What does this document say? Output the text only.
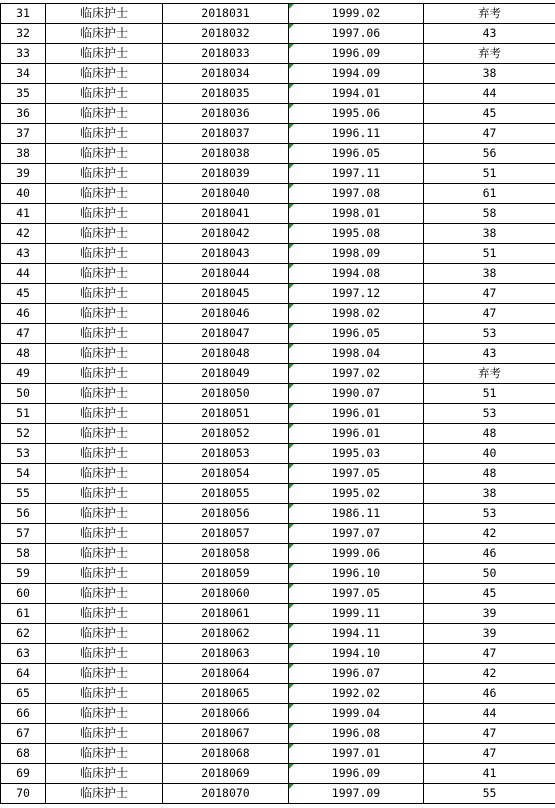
31	临床护士	2018031	1999.02	弃考
32	临床护士	2018032	1997.06	43
33	临床护士	2018033	1996.09	弃考
34	临床护士	2018034	1994.09	38
35	临床护士	2018035	1994.01	44
36	临床护士	2018036	1995.06	45
37	临床护士	2018037	1996.11	47
38	临床护士	2018038	1996.05	56
39	临床护士	2018039	1997.11	51
40	临床护士	2018040	1997.08	61
41	临床护士	2018041	1998.01	58
42	临床护士	2018042	1995.08	38
43	临床护士	2018043	1998.09	51
44	临床护士	2018044	1994.08	38
45	临床护士	2018045	1997.12	47
46	临床护士	2018046	1998.02	47
47	临床护士	2018047	1996.05	53
48	临床护士	2018048	1998.04	43
49	临床护士	2018049	1997.02	弃考
50	临床护士	2018050	1990.07	51
51	临床护士	2018051	1996.01	53
52	临床护士	2018052	1996.01	48
53	临床护士	2018053	1995.03	40
54	临床护士	2018054	1997.05	48
55	临床护士	2018055	1995.02	38
56	临床护士	2018056	1986.11	53
57	临床护士	2018057	1997.07	42
58	临床护士	2018058	1999.06	46
59	临床护士	2018059	1996.10	50
60	临床护士	2018060	1997.05	45
61	临床护士	2018061	1999.11	39
62	临床护士	2018062	1994.11	39
63	临床护士	2018063	1994.10	47
64	临床护士	2018064	1996.07	42
65	临床护士	2018065	1992.02	46
66	临床护士	2018066	1999.04	44
67	临床护士	2018067	1996.08	47
68	临床护士	2018068	1997.01	47
69	临床护士	2018069	1996.09	41
70	临床护士	2018070	1997.09	55
